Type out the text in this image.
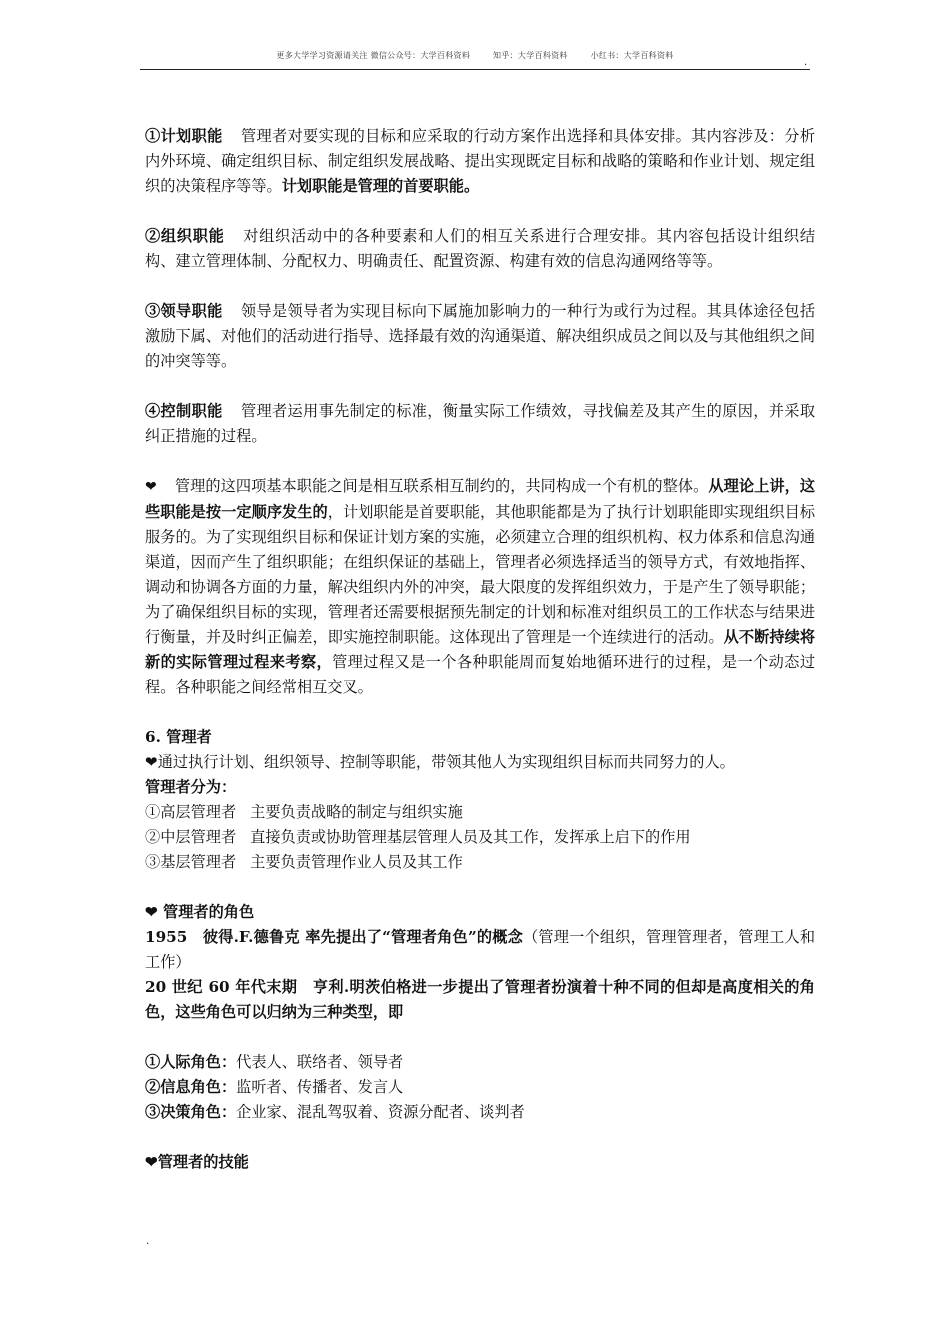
更多大学学习资源请关注 微信公众号：大学百科资料	知乎：大学百科资料	小红书：大学百科资料
.

①计划职能 管理者对要实现的目标和应采取的行动方案作出选择和具体安排。其内容涉及：分析内外环境、确定组织目标、制定组织发展战略、提出实现既定目标和战略的策略和作业计划、规定组织的决策程序等等。计划职能是管理的首要职能。

②组织职能 对组织活动中的各种要素和人们的相互关系进行合理安排。其内容包括设计组织结构、建立管理体制、分配权力、明确责任、配置资源、构建有效的信息沟通网络等等。

③领导职能 领导是领导者为实现目标向下属施加影响力的一种行为或行为过程。其具体途径包括激励下属、对他们的活动进行指导、选择最有效的沟通渠道、解决组织成员之间以及与其他组织之间的冲突等等。

④控制职能 管理者运用事先制定的标准，衡量实际工作绩效，寻找偏差及其产生的原因，并采取纠正措施的过程。

❤ 管理的这四项基本职能之间是相互联系相互制约的，共同构成一个有机的整体。从理论上讲，这些职能是按一定顺序发生的，计划职能是首要职能，其他职能都是为了执行计划职能即实现组织目标服务的。为了实现组织目标和保证计划方案的实施，必须建立合理的组织机构、权力体系和信息沟通渠道，因而产生了组织职能；在组织保证的基础上，管理者必须选择适当的领导方式，有效地指挥、调动和协调各方面的力量，解决组织内外的冲突，最大限度的发挥组织效力，于是产生了领导职能；为了确保组织目标的实现，管理者还需要根据预先制定的计划和标准对组织员工的工作状态与结果进行衡量，并及时纠正偏差，即实施控制职能。这体现出了管理是一个连续进行的活动。从不断持续将新的实际管理过程来考察，管理过程又是一个各种职能周而复始地循环进行的过程，是一个动态过程。各种职能之间经常相互交叉。

6. 管理者

❤通过执行计划、组织领导、控制等职能，带领其他人为实现组织目标而共同努力的人。

管理者分为：

①高层管理者 主要负责战略的制定与组织实施

②中层管理者 直接负责或协助管理基层管理人员及其工作，发挥承上启下的作用

③基层管理者 主要负责管理作业人员及其工作

❤ 管理者的角色

1955　彼得.F.德鲁克 率先提出了“管理者角色”的概念（管理一个组织，管理管理者，管理工人和工作）

20 世纪 60 年代末期　亨利.明茨伯格进一步提出了管理者扮演着十种不同的但却是高度相关的角色，这些角色可以归纳为三种类型，即

①人际角色：代表人、联络者、领导者

②信息角色：监听者、传播者、发言人

③决策角色：企业家、混乱驾驭着、资源分配者、谈判者

❤管理者的技能

.
